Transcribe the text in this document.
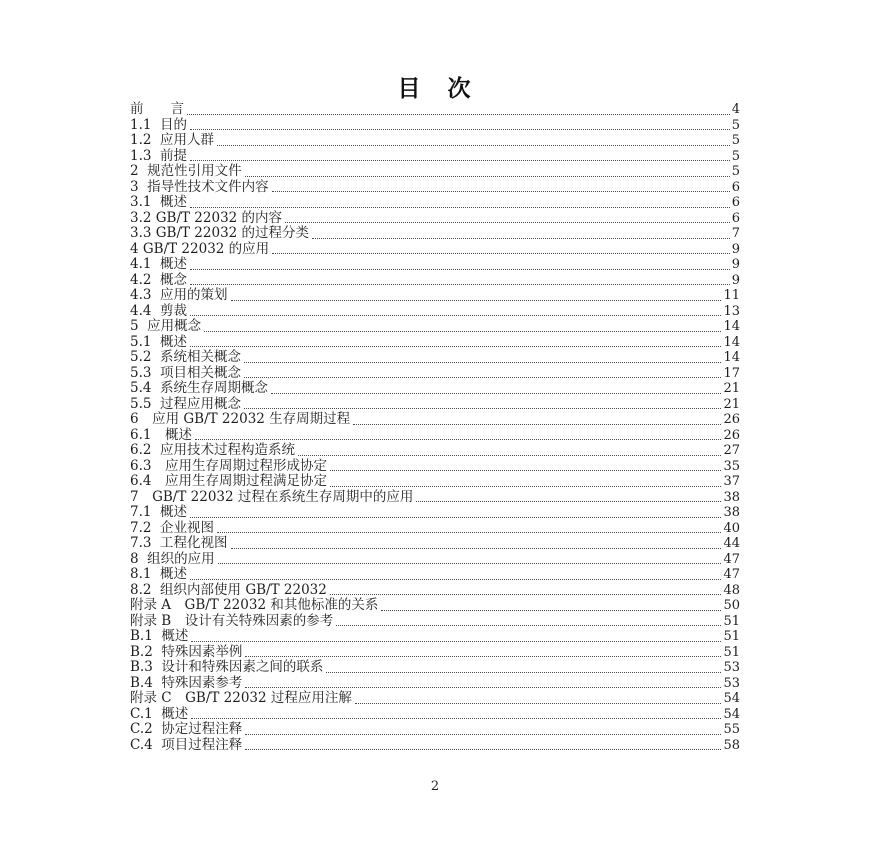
目　次
前　　言	4
1.1  目的	5
1.2  应用人群	5
1.3  前提	5
2  规范性引用文件	5
3  指导性技术文件内容	6
3.1  概述	6
3.2 GB/T 22032 的内容	6
3.3 GB/T 22032 的过程分类	7
4 GB/T 22032 的应用	9
4.1  概述	9
4.2  概念	9
4.3  应用的策划	11
4.4  剪裁	13
5  应用概念	14
5.1  概述	14
5.2  系统相关概念	14
5.3  项目相关概念	17
5.4  系统生存周期概念	21
5.5  过程应用概念	21
6　应用 GB/T 22032 生存周期过程	26
6.1　概述	26
6.2  应用技术过程构造系统	27
6.3　应用生存周期过程形成协定	35
6.4　应用生存周期过程满足协定	37
7　GB/T 22032 过程在系统生存周期中的应用	38
7.1  概述	38
7.2  企业视图	40
7.3  工程化视图	44
8  组织的应用	47
8.1  概述	47
8.2  组织内部使用 GB/T 22032	48
附录 A　GB/T 22032 和其他标准的关系	50
附录 B　设计有关特殊因素的参考	51
B.1  概述	51
B.2  特殊因素举例	51
B.3  设计和特殊因素之间的联系	53
B.4  特殊因素参考	53
附录 C　GB/T 22032 过程应用注解	54
C.1  概述	54
C.2  协定过程注释	55
C.4  项目过程注释	58
2
